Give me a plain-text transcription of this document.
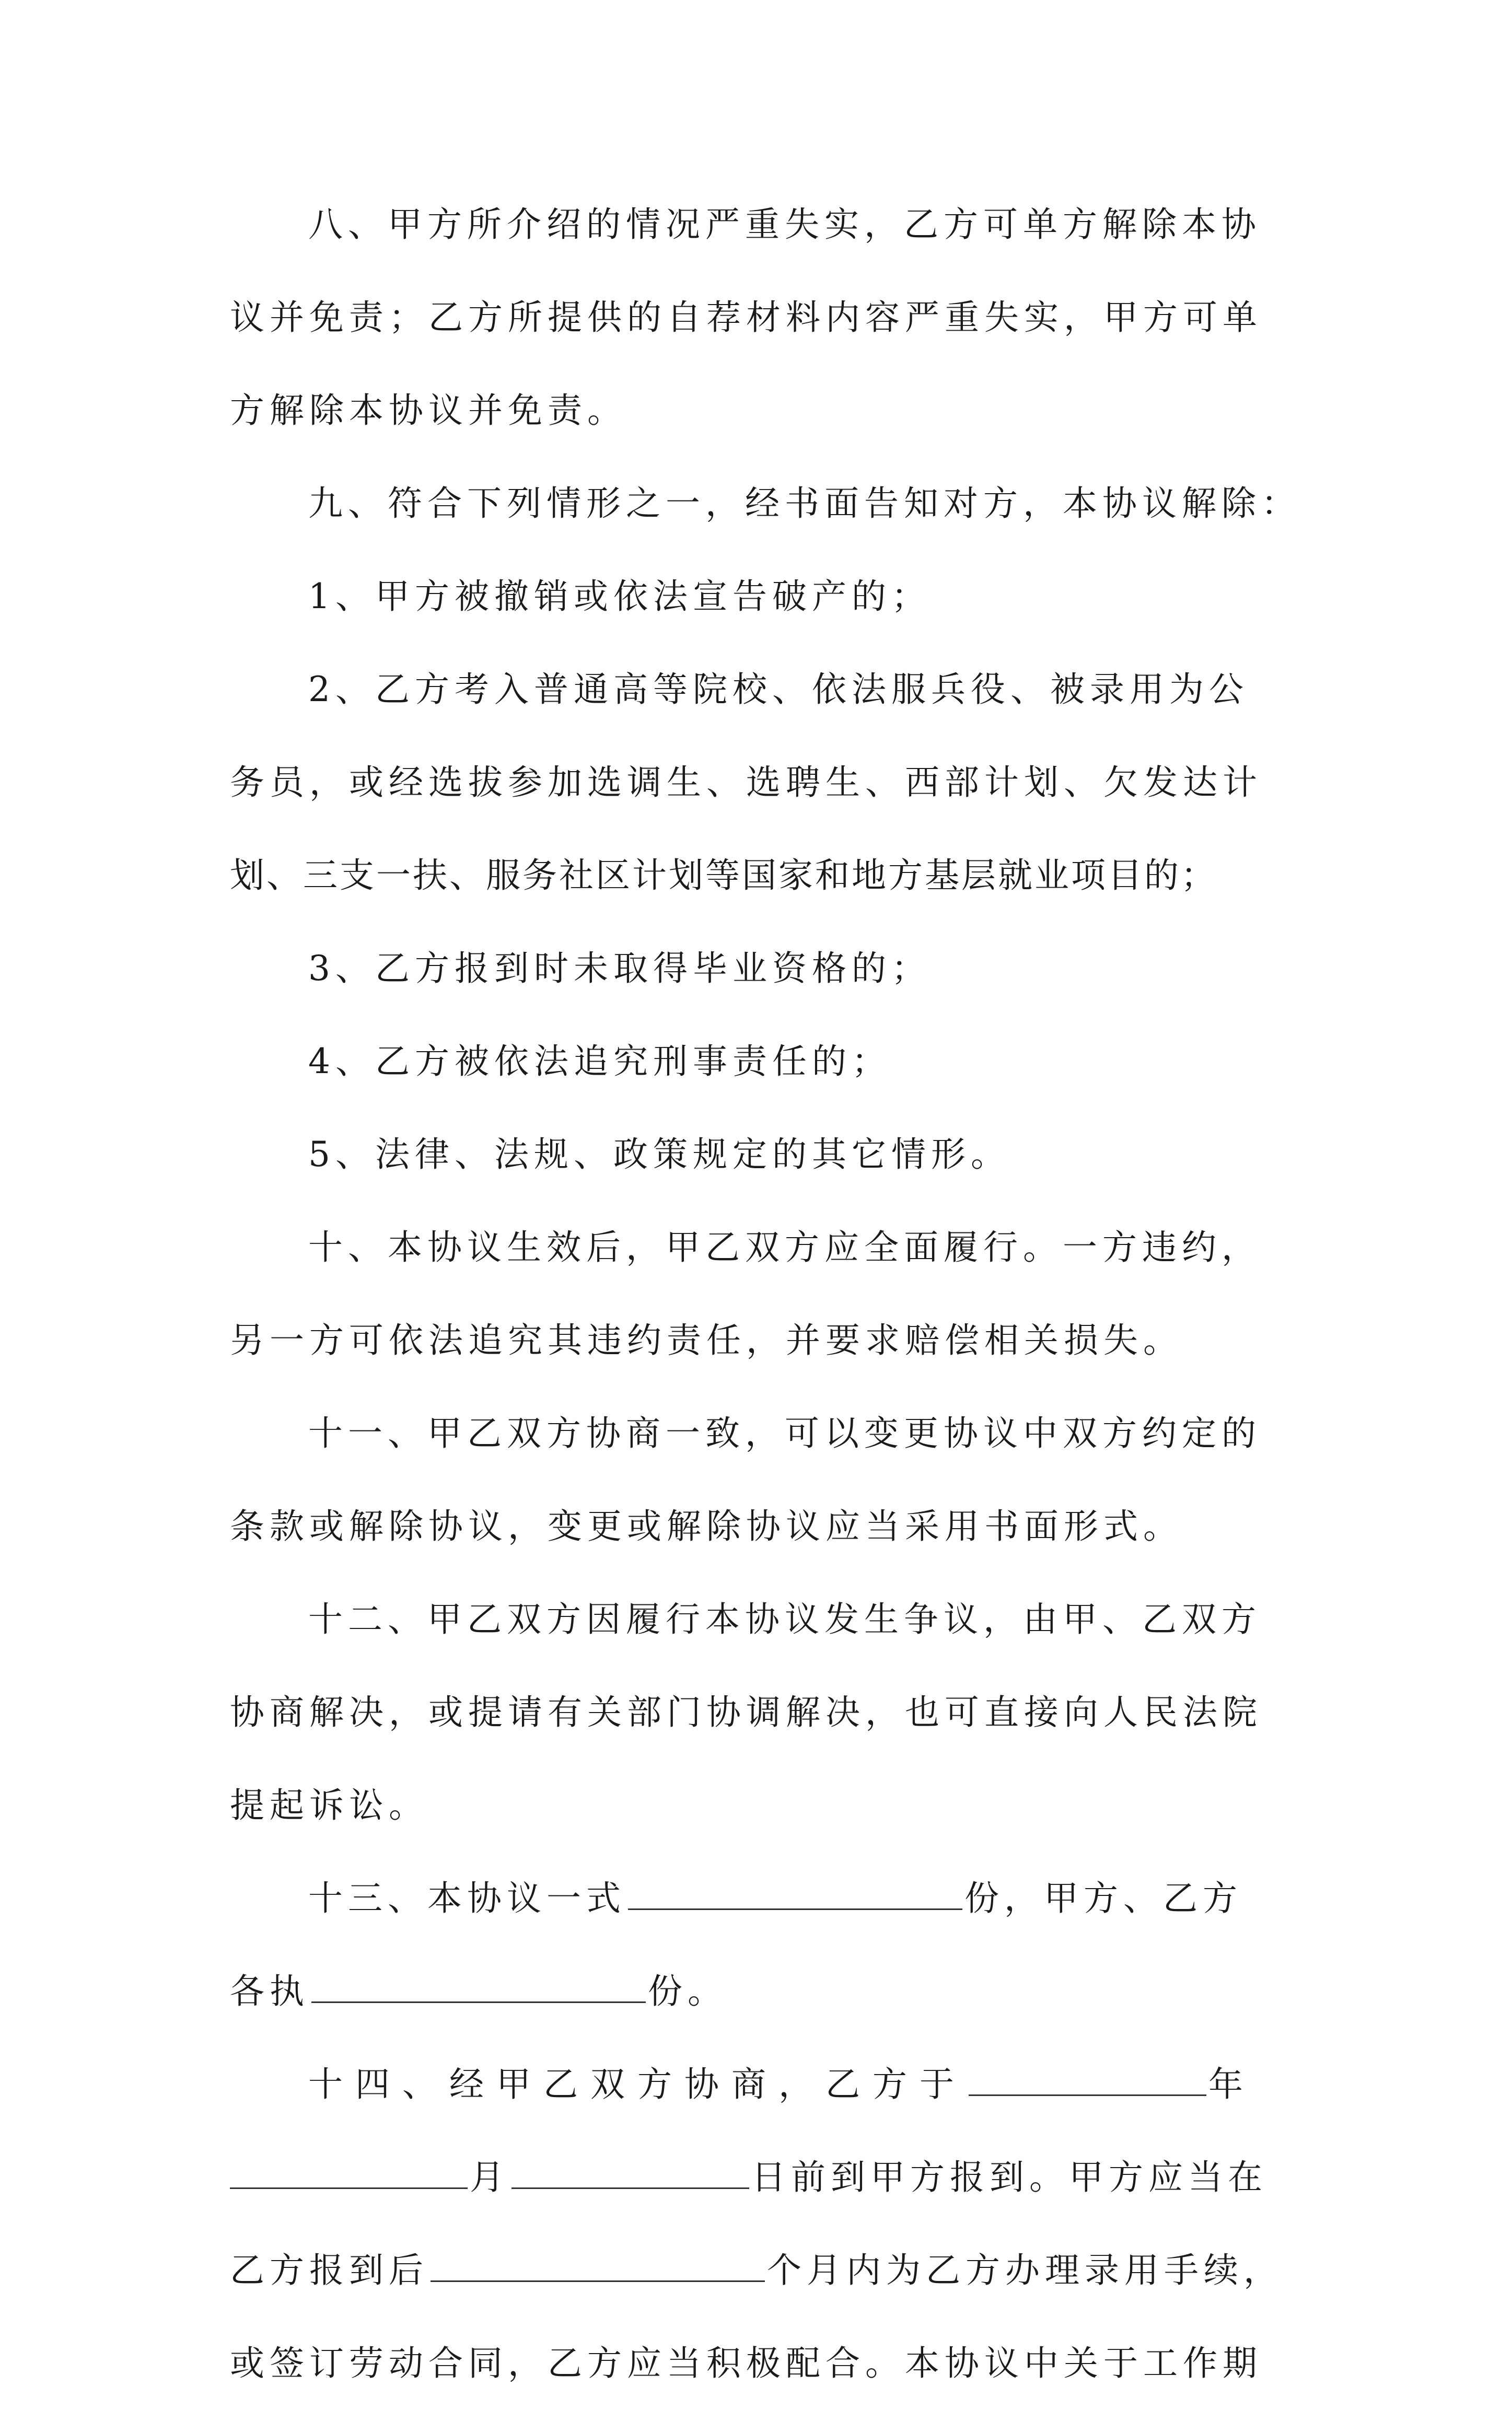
八、甲方所介绍的情况严重失实，乙方可单方解除本协
议并免责；乙方所提供的自荐材料内容严重失实，甲方可单
方解除本协议并免责。
九、符合下列情形之一，经书面告知对方，本协议解除：
1、甲方被撤销或依法宣告破产的；
2、乙方考入普通高等院校、依法服兵役、被录用为公
务员，或经选拔参加选调生、选聘生、西部计划、欠发达计
划、三支一扶、服务社区计划等国家和地方基层就业项目的；
3、乙方报到时未取得毕业资格的；
4、乙方被依法追究刑事责任的；
5、法律、法规、政策规定的其它情形。
十、本协议生效后，甲乙双方应全面履行。一方违约，
另一方可依法追究其违约责任，并要求赔偿相关损失。
十一、甲乙双方协商一致，可以变更协议中双方约定的
条款或解除协议，变更或解除协议应当采用书面形式。
十二、甲乙双方因履行本协议发生争议，由甲、乙双方
协商解决，或提请有关部门协调解决，也可直接向人民法院
提起诉讼。
十三、本协议一式	份，甲方、乙方
各执	份。
十四、经甲乙双方协商，乙方于	年
月	日前到甲方报到。甲方应当在
乙方报到后	个月内为乙方办理录用手续，
或签订劳动合同，乙方应当积极配合。本协议中关于工作期
